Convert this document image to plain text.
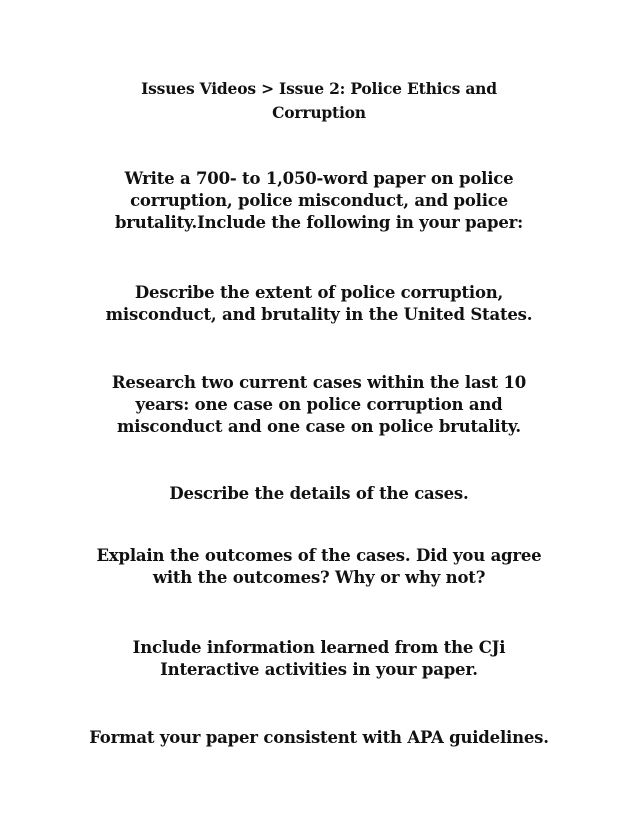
Issues Videos > Issue 2: Police Ethics and
Corruption
Write a 700- to 1,050-word paper on police
corruption, police misconduct, and police
brutality.Include the following in your paper:
Describe the extent of police corruption,
misconduct, and brutality in the United States.
Research two current cases within the last 10
years: one case on police corruption and
misconduct and one case on police brutality.
Describe the details of the cases.
Explain the outcomes of the cases. Did you agree
with the outcomes? Why or why not?
Include information learned from the CJi
Interactive activities in your paper.
Format your paper consistent with APA guidelines.
